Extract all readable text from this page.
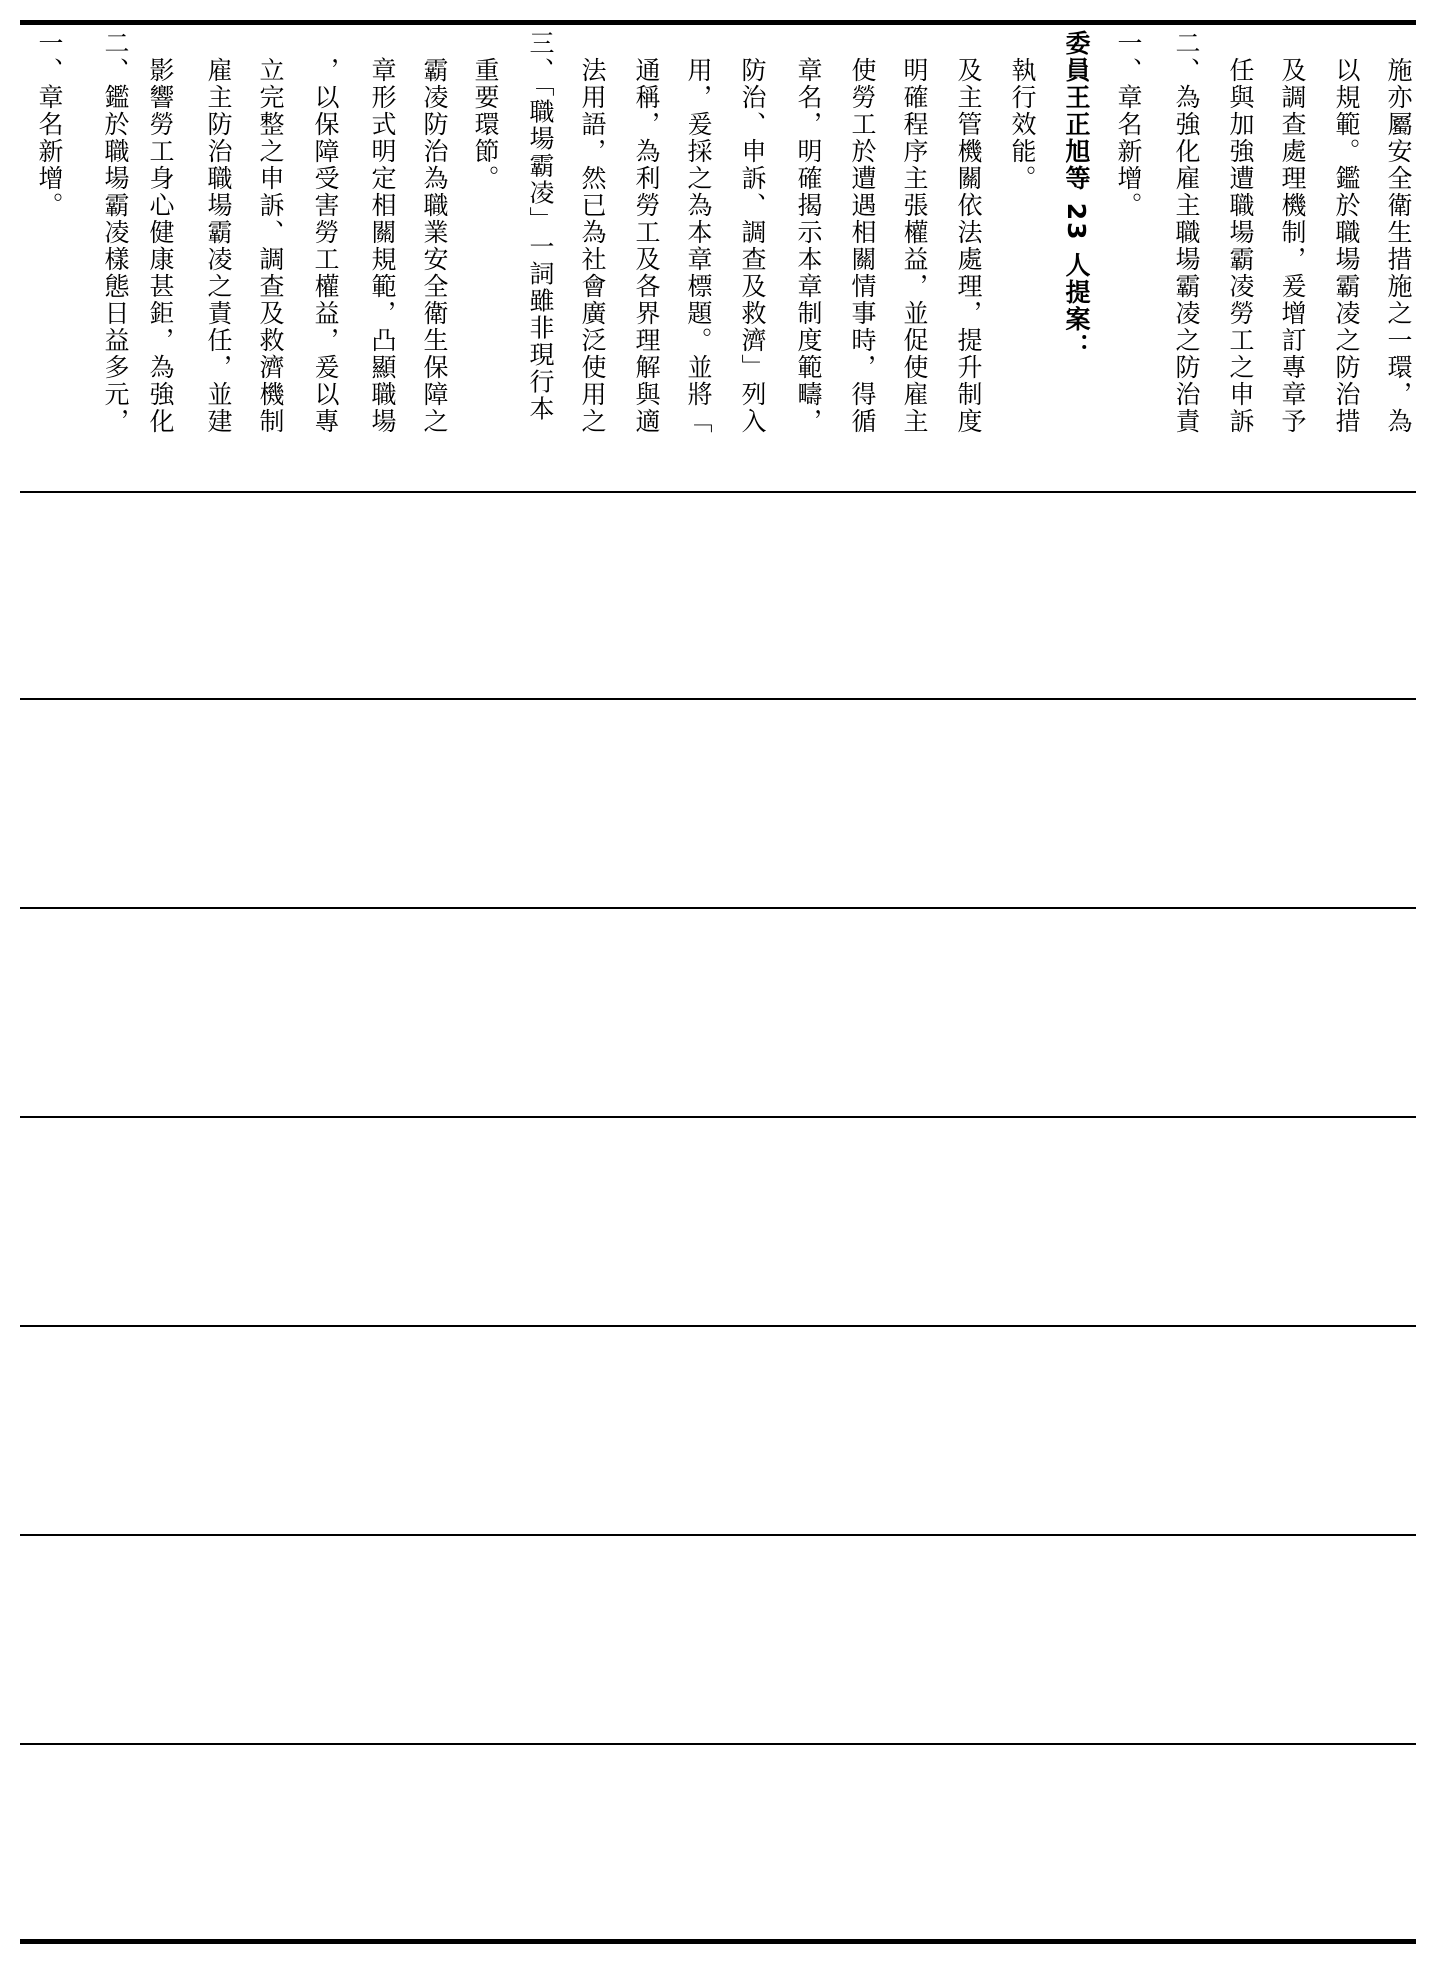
一、章名新增。 二、鑑於職場霸凌樣態日益多元， 　影響勞工身心健康甚鉅，為強化 　雇主防治職場霸凌之責任，並建 　立完整之申訴、調查及救濟機制 　，以保障受害勞工權益，爰以專 　章形式明定相關規範，凸顯職場 　霸凌防治為職業安全衛生保障之 　重要環節。 三、「職場霸凌」一詞雖非現行本 　法用語，然已為社會廣泛使用之 　通稱，為利勞工及各界理解與適 　用，爰採之為本章標題。並將「 　防治、申訴、調查及救濟」列入 　章名，明確揭示本章制度範疇， 　使勞工於遭遇相關情事時，得循 　明確程序主張權益，並促使雇主 　及主管機關依法處理，提升制度 　執行效能。 委員王正旭等 23 人提案： 一、章名新增。 二、為強化雇主職場霸凌之防治責 　任與加強遭職場霸凌勞工之申訴 　及調查處理機制，爰增訂專章予 　以規範。鑑於職場霸凌之防治措 　施亦屬安全衛生措施之一環，為
